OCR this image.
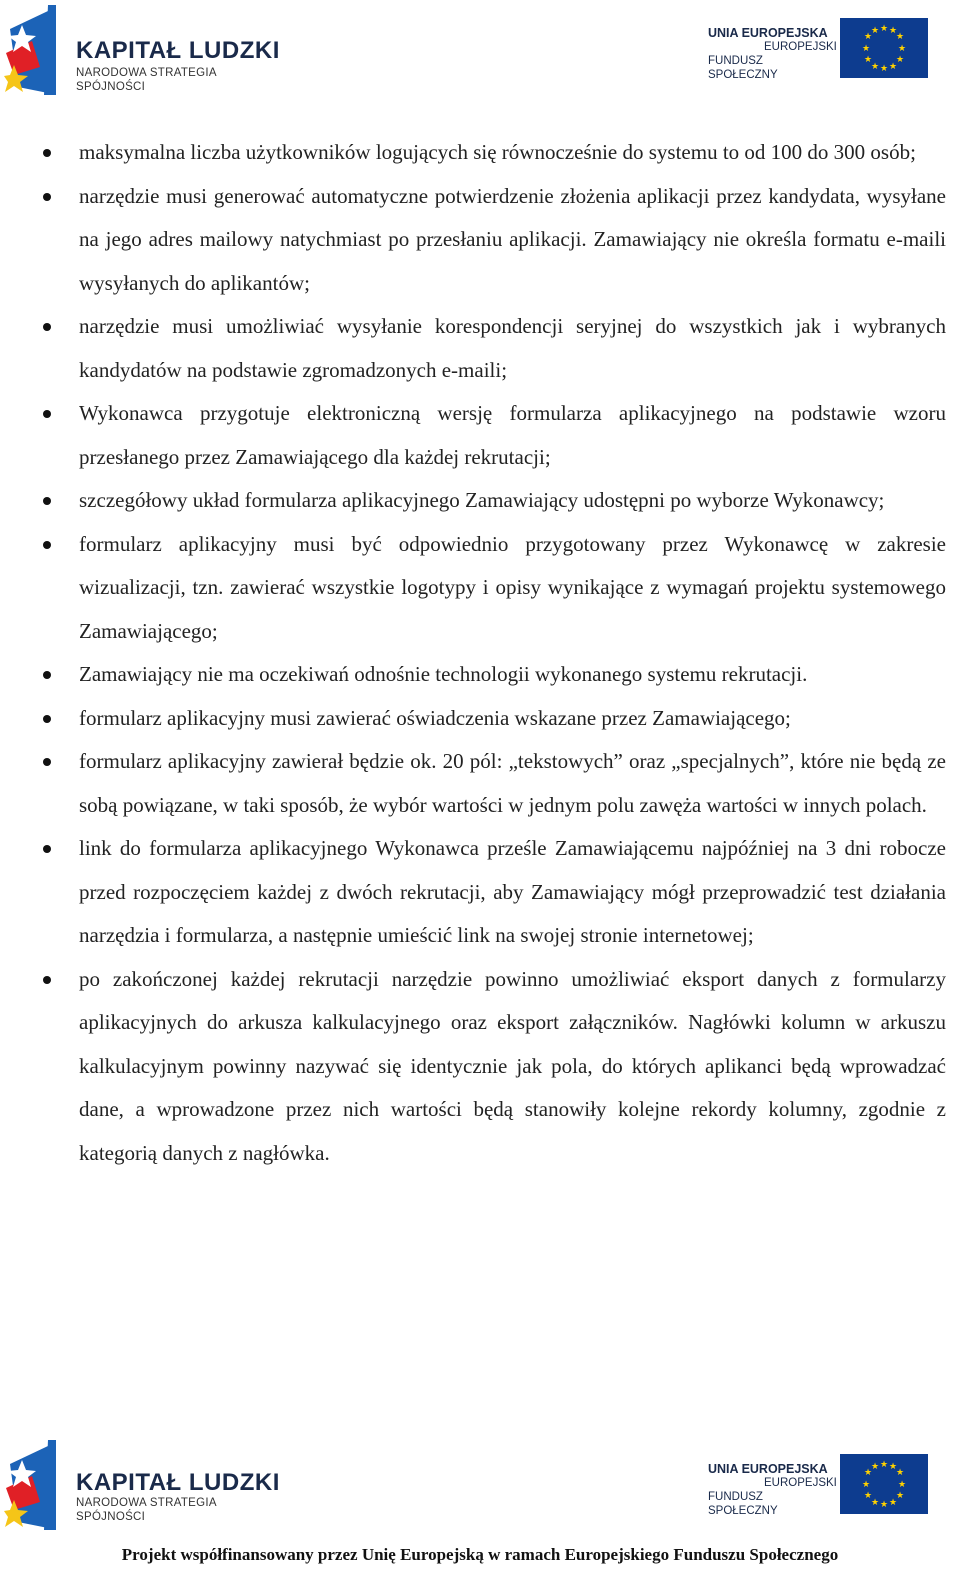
KAPITAŁ LUDZKI
NARODOWA STRATEGIA SPÓJNOŚCI
UNIA EUROPEJSKA
EUROPEJSKI
FUNDUSZ SPOŁECZNY
★ ★
★
★
★
★
★
★
★
★
★
★
maksymalna liczba użytkowników logujących się równocześnie do systemu to od 100 do 300 osób;
narzędzie musi generować automatyczne potwierdzenie złożenia aplikacji przez kandydata, wysyłane na jego adres mailowy natychmiast po przesłaniu aplikacji. Zamawiający nie określa formatu e-maili wysyłanych do aplikantów;
narzędzie musi umożliwiać wysyłanie korespondencji seryjnej do wszystkich jak i wybranych kandydatów na podstawie zgromadzonych e-maili;
Wykonawca przygotuje elektroniczną wersję formularza aplikacyjnego na podstawie wzoru przesłanego przez Zamawiającego dla każdej rekrutacji;
szczegółowy układ formularza aplikacyjnego Zamawiający udostępni po wyborze Wykonawcy;
formularz aplikacyjny musi być odpowiednio przygotowany przez Wykonawcę w zakresie wizualizacji, tzn. zawierać wszystkie logotypy i opisy wynikające z wymagań projektu systemowego Zamawiającego;
Zamawiający nie ma oczekiwań odnośnie technologii wykonanego systemu rekrutacji.
formularz aplikacyjny musi zawierać oświadczenia wskazane przez Zamawiającego;
formularz aplikacyjny zawierał będzie ok. 20 pól: „tekstowych” oraz „specjalnych”, które nie będą ze sobą powiązane, w taki sposób, że wybór wartości w jednym polu zawęża wartości w innych polach.
link do formularza aplikacyjnego Wykonawca prześle Zamawiającemu najpóźniej na 3 dni robocze przed rozpoczęciem każdej z dwóch rekrutacji, aby Zamawiający mógł przeprowadzić test działania narzędzia i formularza, a następnie umieścić link na swojej stronie internetowej;
po zakończonej każdej rekrutacji narzędzie powinno umożliwiać eksport danych z formularzy aplikacyjnych do arkusza kalkulacyjnego oraz eksport załączników. Nagłówki kolumn w arkuszu kalkulacyjnym powinny nazywać się identycznie jak pola, do których aplikanci będą wprowadzać dane, a wprowadzone przez nich wartości będą stanowiły kolejne rekordy kolumny, zgodnie z kategorią danych z nagłówka.
KAPITAŁ LUDZKI
NARODOWA STRATEGIA SPÓJNOŚCI
UNIA EUROPEJSKA
EUROPEJSKI
FUNDUSZ SPOŁECZNY
★ ★
★
★
★
★
★
★
★
★
★
★
Projekt współfinansowany przez Unię Europejską w ramach Europejskiego Funduszu Społecznego
